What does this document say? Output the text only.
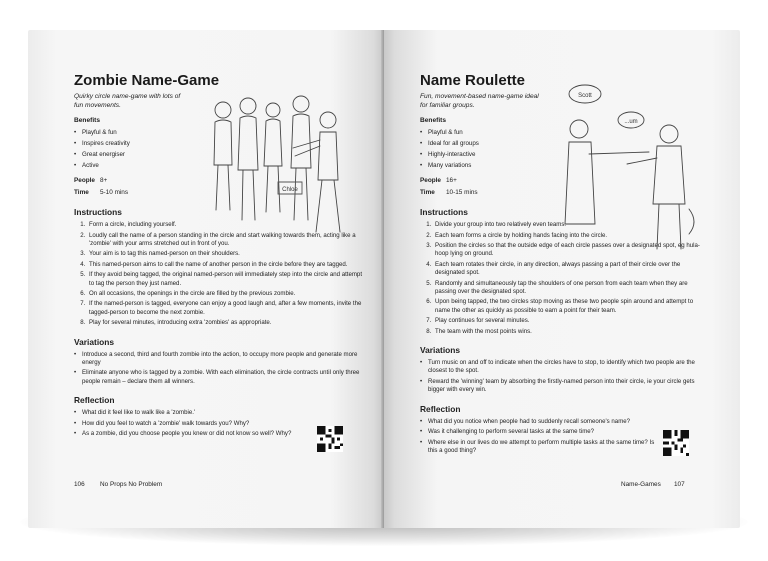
Chloe
Zombie Name-Game
Quirky circle name-game with lots of fun movements.
Benefits
• Playful & fun
• Inspires creativity
• Great energiser
• Active
People 8+
Time 5-10 mins
Instructions
1. Form a circle, including yourself.
2. Loudly call the name of a person standing in the circle and start walking towards them, acting like a 'zombie' with your arms stretched out in front of you.
3. Your aim is to tag this named-person on their shoulders.
4. This named-person aims to call the name of another person in the circle before they are tagged.
5. If they avoid being tagged, the original named-person will immediately step into the circle and attempt to tag the person they just named.
6. On all occasions, the openings in the circle are filled by the previous zombie.
7. If the named-person is tagged, everyone can enjoy a good laugh and, after a few moments, invite the tagged-person to become the next zombie.
8. Play for several minutes, introducing extra 'zombies' as appropriate.
Variations
• Introduce a second, third and fourth zombie into the action, to occupy more people and generate more energy
• Eliminate anyone who is tagged by a zombie. With each elimination, the circle contracts until only three people remain – declare them all winners.
Reflection
• What did it feel like to walk like a 'zombie.'
• How did you feel to watch a 'zombie' walk towards you? Why?
• As a zombie, did you choose people you knew or did not know so well? Why?
106 No Props No Problem
Scott
...um
Name Roulette
Fun, movement-based name-game ideal for familiar groups.
Benefits
• Playful & fun
• Ideal for all groups
• Highly-interactive
• Many variations
People 16+
Time 10-15 mins
Instructions
1. Divide your group into two relatively even teams.
2. Each team forms a circle by holding hands facing into the circle.
3. Position the circles so that the outside edge of each circle passes over a designated spot, eg hula-hoop lying on ground.
4. Each team rotates their circle, in any direction, always passing a part of their circle over the designated spot.
5. Randomly and simultaneously tap the shoulders of one person from each team when they are passing over the designated spot.
6. Upon being tapped, the two circles stop moving as these two people spin around and attempt to name the other as quickly as possible to earn a point for their team.
7. Play continues for several minutes.
8. The team with the most points wins.
Variations
• Turn music on and off to indicate when the circles have to stop, to identify which two people are the closest to the spot.
• Reward the 'winning' team by absorbing the firstly-named person into their circle, ie your circle gets bigger with every win.
Reflection
• What did you notice when people had to suddenly recall someone's name?
• Was it challenging to perform several tasks at the same time?
• Where else in our lives do we attempt to perform multiple tasks at the same time? Is this a good thing?
Name-Games 107
